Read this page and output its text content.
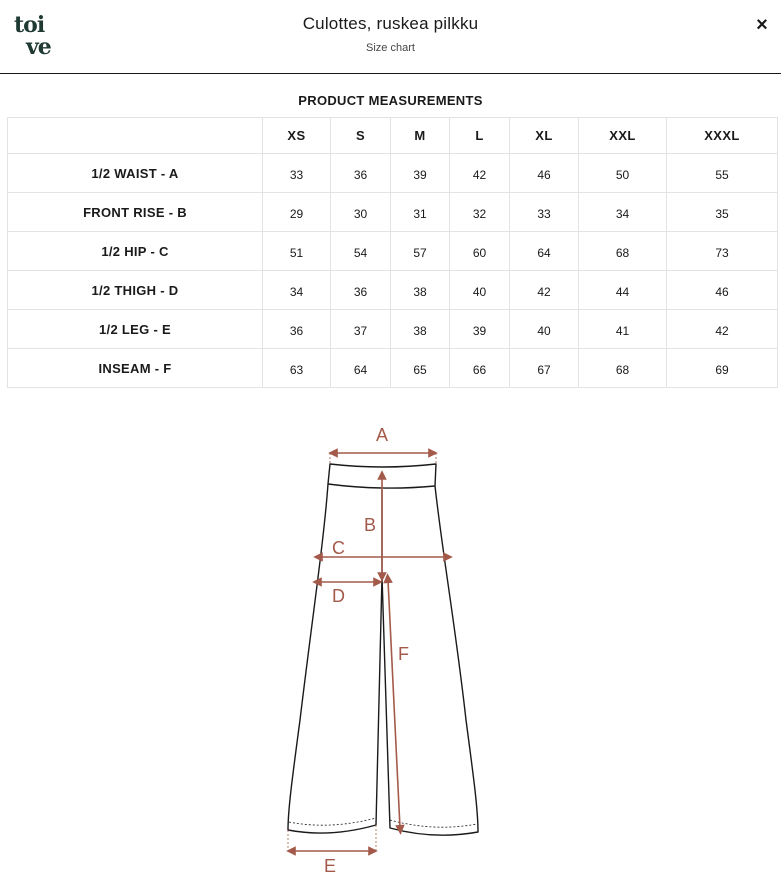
toi
ve
Culottes, ruskea pilkku
Size chart
×
PRODUCT MEASUREMENTS
	XS	S	M	L	XL	XXL	XXXL
1/2 WAIST - A	33	36	39	42	46	50	55
FRONT RISE - B	29	30	31	32	33	34	35
1/2 HIP - C	51	54	57	60	64	68	73
1/2 THIGH - D	34	36	38	40	42	44	46
1/2 LEG - E	36	37	38	39	40	41	42
INSEAM - F	63	64	65	66	67	68	69
A
B
C
D
F
E
